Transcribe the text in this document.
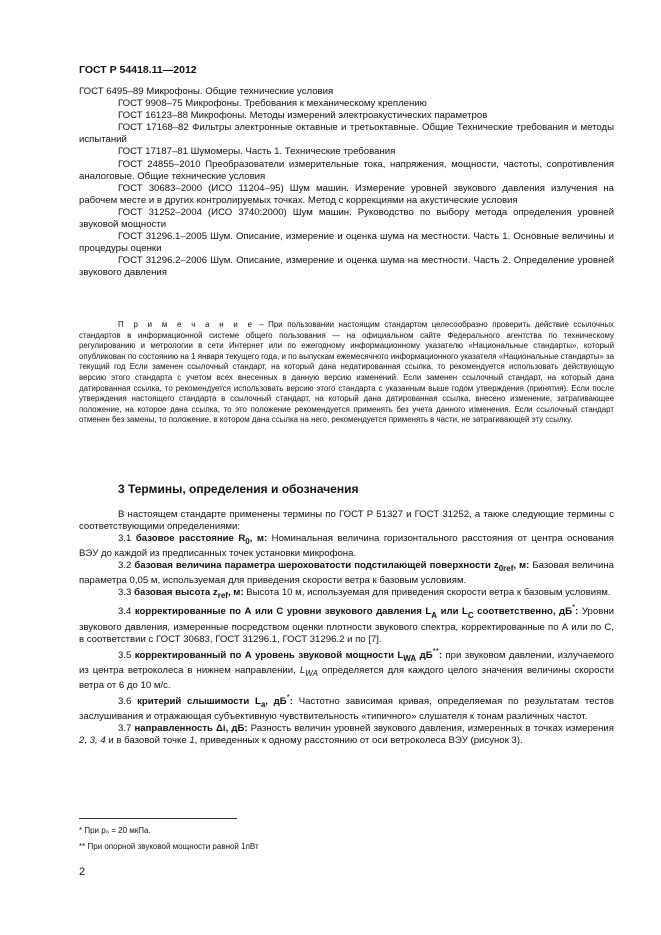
ГОСТ Р 54418.11—2012

ГОСТ 6495–89 Микрофоны. Общие технические условия

ГОСТ 9908–75 Микрофоны. Требования к механическому креплению

ГОСТ 16123–88 Микрофоны. Методы измерений электроакустических параметров

ГОСТ 17168–82 Фильтры электронные октавные и третьоктавные. Общие Технические требования и методы испытаний

ГОСТ 17187–81 Шумомеры. Часть 1. Технические требования

ГОСТ 24855–2010 Преобразователи измерительные тока, напряжения, мощности, частоты, сопротивления аналоговые. Общие технические условия

ГОСТ 30683–2000 (ИСО 11204–95) Шум машин. Измерение уровней звукового давления излучения на рабочем месте и в других контролируемых точках. Метод с коррекциями на акустические условия

ГОСТ 31252–2004 (ИСО 3740:2000) Шум машин. Руководство по выбору метода определения уровней звуковой мощности

ГОСТ 31296.1–2005 Шум. Описание, измерение и оценка шума на местности. Часть 1. Основные величины и процедуры оценки

ГОСТ 31296.2–2006 Шум. Описание, измерение и оценка шума на местности. Часть 2. Определение уровней звукового давления

П р и м е ч а н и е – При пользовании настоящим стандартом целесообразно проверить действие ссылочных стандартов в информационной системе общего пользования — на официальном сайте Федерального агентства по техническому регулированию и метрологии в сети Интернет или по ежегодному информационному указателю «Национальные стандарты», который опубликован по состоянию на 1 января текущего года, и по выпускам ежемесячного информационного указателя «Национальные стандарты» за текущий год Если заменен ссылочный стандарт, на который дана недатированная ссылка, то рекомендуется использовать действующую версию этого стандарта с учетом всех внесенных в данную версию изменений. Если заменен ссылочный стандарт, на который дана датированная ссылка, то рекомендуется использовать версию этого стандарта с указанным выше годом утверждения (принятия). Если после утверждения настоящего стандарта в ссылочный стандарт, на который дана датированная ссылка, внесено изменение, затрагивающее положение, на которое дана ссылка, то это положение рекомендуется применять без учета данного изменения. Если ссылочный стандарт отменен без замены, то положение, в котором дана ссылка на него, рекомендуется применять в части, не затрагивающей эту ссылку.

3 Термины, определения и обозначения

В настоящем стандарте применены термины по ГОСТ Р 51327 и ГОСТ 31252, а также следующие термины с соответствующими определениями:

3.1 базовое расстояние $R_0$, м: Номинальная величина горизонтального расстояния от центра основания ВЭУ до каждой из предписанных точек установки микрофона.

3.2 базовая величина параметра шероховатости подстилающей поверхности $z_{0ref}$, м: Базовая величина параметра 0,05 м, используемая для приведения скорости ветра к базовым условиям.

3.3 базовая высота $z_{ref}$, м: Высота 10 м, используемая для приведения скорости ветра к базовым условиям.

3.4 корректированные по А или С уровни звукового давления $L_A$ или $L_C$ соответственно, дБ*: Уровни звукового давления, измеренные посредством оценки плотности звукового спектра, корректированные по А или по С, в соответствии с ГОСТ 30683, ГОСТ 31296.1, ГОСТ 31296.2 и по [7].

3.5 корректированный по А уровень звуковой мощности $L_{WA}$ дБ**: при звуковом давлении, излучаемого из центра ветроколеса в нижнем направлении, $L_{WA}$ определяется для каждого целого значения величины скорости ветра от 6 до 10 м/с.

3.6 критерий слышимости $L_a$, дБ*: Частотно зависимая кривая, определяемая по результатам тестов заслушивания и отражающая субъективную чувствительность «типичного» слушателя к тонам различных частот.

3.7 направленность Δi, дБ: Разность величин уровней звукового давления, измеренных в точках измерения 2, 3, 4 и в базовой точке 1, приведенных к одному расстоянию от оси ветроколеса ВЭУ (рисунок 3).

* При p₀ = 20 мкПа.
** При опорной звуковой мощности равной 1пВт
2
